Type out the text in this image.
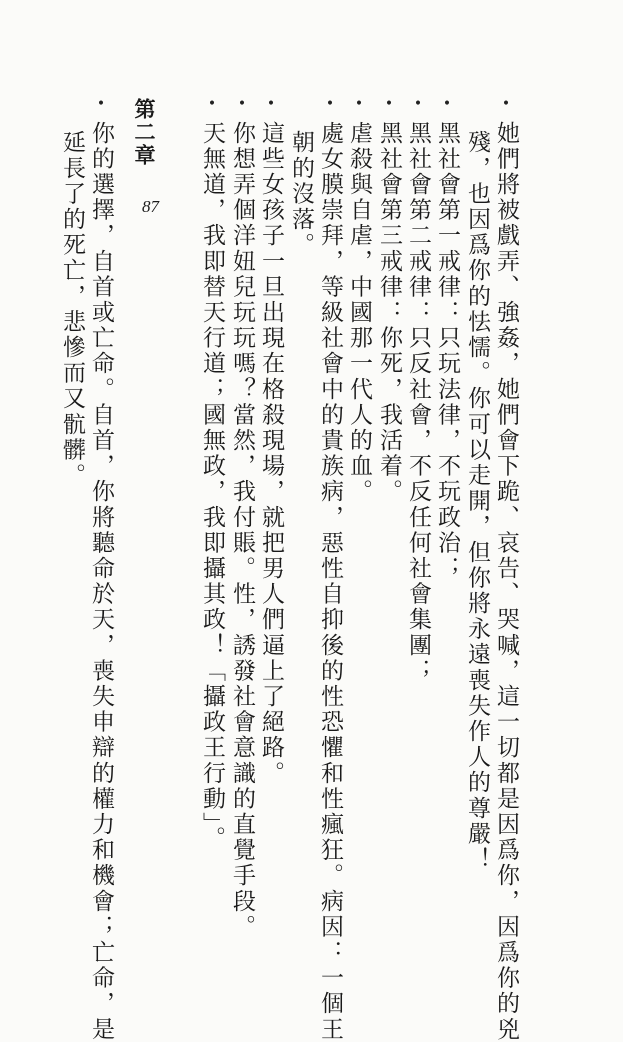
•她們將被戲弄、強姦，她們會下跪、哀告、哭喊，這一切都是因爲你，因爲你的兇
殘，也因爲你的怯懦。你可以走開，但你將永遠喪失作人的尊嚴！
•黑社會第一戒律：只玩法律，不玩政治；
•黑社會第二戒律：只反社會，不反任何社會集團；
•黑社會第三戒律：你死，我活着。
•虐殺與自虐，中國那一代人的血。
•處女膜崇拜，等級社會中的貴族病，惡性自抑後的性恐懼和性瘋狂。病因：一個王
朝的沒落。
•這些女孩子一旦出現在格殺現場，就把男人們逼上了絕路。
•你想弄個洋妞兒玩玩嗎？當然，我付賬。性，誘發社會意識的直覺手段。
•天無道，我即替天行道；國無政，我即攝其政！「攝政王行動」。
第二章
87
•你的選擇，自首或亡命。自首，你將聽命於天，喪失申辯的權力和機會；亡命，是
延長了的死亡，悲慘而又骯髒。
